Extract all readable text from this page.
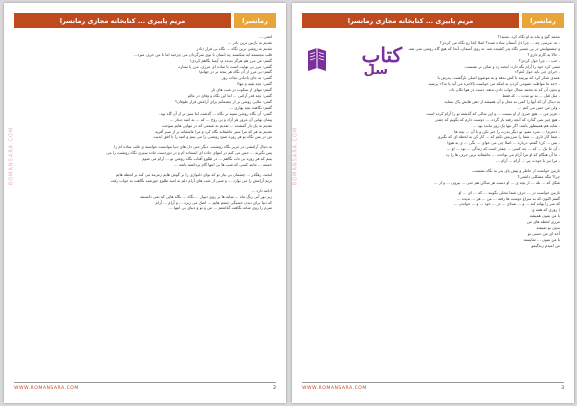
مریم پاییزی ... کتابخانه مجازی رمانسرا	رمانسرا
ROMANSARA.COM
لعنتی ...
تقدیم به نازنین ترین نادر ...
تقدیم به روشن ترین نگاه ... نگاه بی قرار (نادر
قلب مجسمه ایه شکسته ,یه انسان با توی سرگردان می چرخید اما با من حرف میزد...
گفتم: من مرز هم هرگز ندیده م، آیسا نگاهم کردی!
گفتی: مرز بی نهایت است با ساده ای مرزی، مرز با ستاره
گفتم: بی مرز از آن نگاه هر پنجه تر در جهانم!
گفتی: به جای بادبانی نجات روز
گفتی: بچه بقیه و تنها!
گفتم: تنهای از سکوت در شب های تار
گفتی: بچه قدر آرامی ... اما این نگاه و وفای در عالم
گفتی: ملایی روشن تر از چشمانم برای آرامش قرار طوفان؟
گفتم: نگاهت بچه بهاری ...
گفتی: آن نگاه روشن سپید تر نگاه ... گذشت اما سبز تر از آن گاه بود،
پیمان نهایی آن غرور هر آزاد و بی روح ... که ... به امید دیدار ...
تقدیم به یک یار گمشده ... تقدیم به شمعی که در تنهایی هایم سوخت
تقدیم به هر که مرا سبز عاشقانه نگاه کرد و مرا عاشقانه تر از سبز آفرید
من در پس نگاه تو هر روزه صبح روشنی را می بینم و امید را تا افق ابدیت
به دنبال آرامشی در حریر نگاه روشنت، دیگر حتی دل های دنیا نتوانست خواسته ی قلب ساده ام را
پس بگیرند ... حس می کنم در انتهای جاده ای ایستاده ام و در دوردست جاده سبزی نگاه روشنت را می
بینم که هر روزه بی تاب نگاهم ... در طلوع آفتاب نگاه روشن تو ... آرام می شوم
خسته ... مانند کسی که شب ها بی انتها گام برداشته باشد ...
لبخند، رهگذر ... چشمان بی نیاز تو که نوای دلنوازی را بر گوش هایم زمزمه می کند بر لحظه هایم
ترنم آرامش را می نوازد ... و شبی از شب های آرام دلم به امید طلوع خورشید نگاهت به خواب رفت
ادامه دارد ...
زیر نور آبی رنگ ماه ... سایه ها بر روی دیوار ... نگاه ... نگاه هایی که نمی دانستند
که دنیا برای دیدن خستگی چشم هایم ... اشک می ریزد ... و آرام ... آرام
سرم را روی شانه نگاهت گذاشتم ... من و تو و دنیای بی انتها ...
WWW.ROMANSARA.COM	2
مریم پاییزی ... کتابخانه مجازی رمانسرا	رمانسرا
کتاب
سل
ROMANSARA.COM
محمد گنج و ماه به او نگاه کرد، شنید!؟
- نه. مرسی چه ... چرا دل آسمان ساده شده؟ اصلا کجا رو نگاه می کردی؟
و چشمهایش در پی مسیر نگاه پدر کشیده شد. به روی آسمان، آنجا که هیچ گاه روشن نمی شد.
- حالا به کارم داری؟
- خب ... چرا حول کردی؟
سعی کرد خود را آرام نگه دارد، لبخند زد و صاف تر نشست.
- «برای چی باید حول کنم؟»
عمدی شکر کرد که بپرسد تا کش ندهد و به موضوع اصلی بازگشت. پدرش با
- «چه ما مواظب عمومی کردن به اینکه می خواست بالاخره می آید یا نه؟» پرسید
و بدون آن که به محمد مجال جواب دادن بدهد، دست در هوا تکان داد.
- مثل قبل ... نه تو مدت ... که فقط
به دنبال آن که آنها را کمی به محل و آن همیشه از ذهن هایش پاک ننماید.
- ولی من حس می کنم ...
- عزیز من ... هیچ خبری از او نیست ... و این سالی که گذشته تو را آرام کرده است
- هیچ چیز نمی گذارد که آنچه رفته باز گردد، ... دوست دارم که بگویم که چقدر
- شاید هم همینطور باشد. اگر تنها یک روز مانده بود ...
- دخترم! ... سرد نشو. تو دیگر پدرت را خبر نکن و با آن ... بچه ها
- شما کار داری ... شما را سرزنش نکنم که ... کار کن به لحظه ای که بگیری
- بس ... کن! گفتم، درباره ... اصلا چی می خوای ... بگی ... ی به هیچ!
- آن جا یک ... که ... چه کسی ... چقدر است که زندگی ... بود ... او ...
- ما آن هنگام که او مرا آرام می نواخت ... عاشقانه ترین حرف ها را زد
- مرا نیز با خودت ببر ... آرام ... آرام ...
نازنین خواست از خاطر و پیش پای پدر به نگاه نشست.
چرا؟ مگه مشکلی داشتی؟
شکل که ... بله ... از بچه ی ... او دست هر ساکن هم حتی ... بیرون ... و از ...
نازنین خواست در ... حرف شما محلی بگویند ... که ... ای ... او
گفتم اکنون که به سراغ دوست ها رفته ... من ... هر ... ندیده ...
که سر را بهانه کند ... و ... صدای ... در ... خود ... و ... خواندن ...
( روزی که همه ی
با من بمون همیشه
مرزی لحظه های من
بدون تو نمیشه
آخه ای من دستی تو
با من بمون ... شایسته
من امیدم زندگیمو
WWW.ROMANSARA.COM	3
